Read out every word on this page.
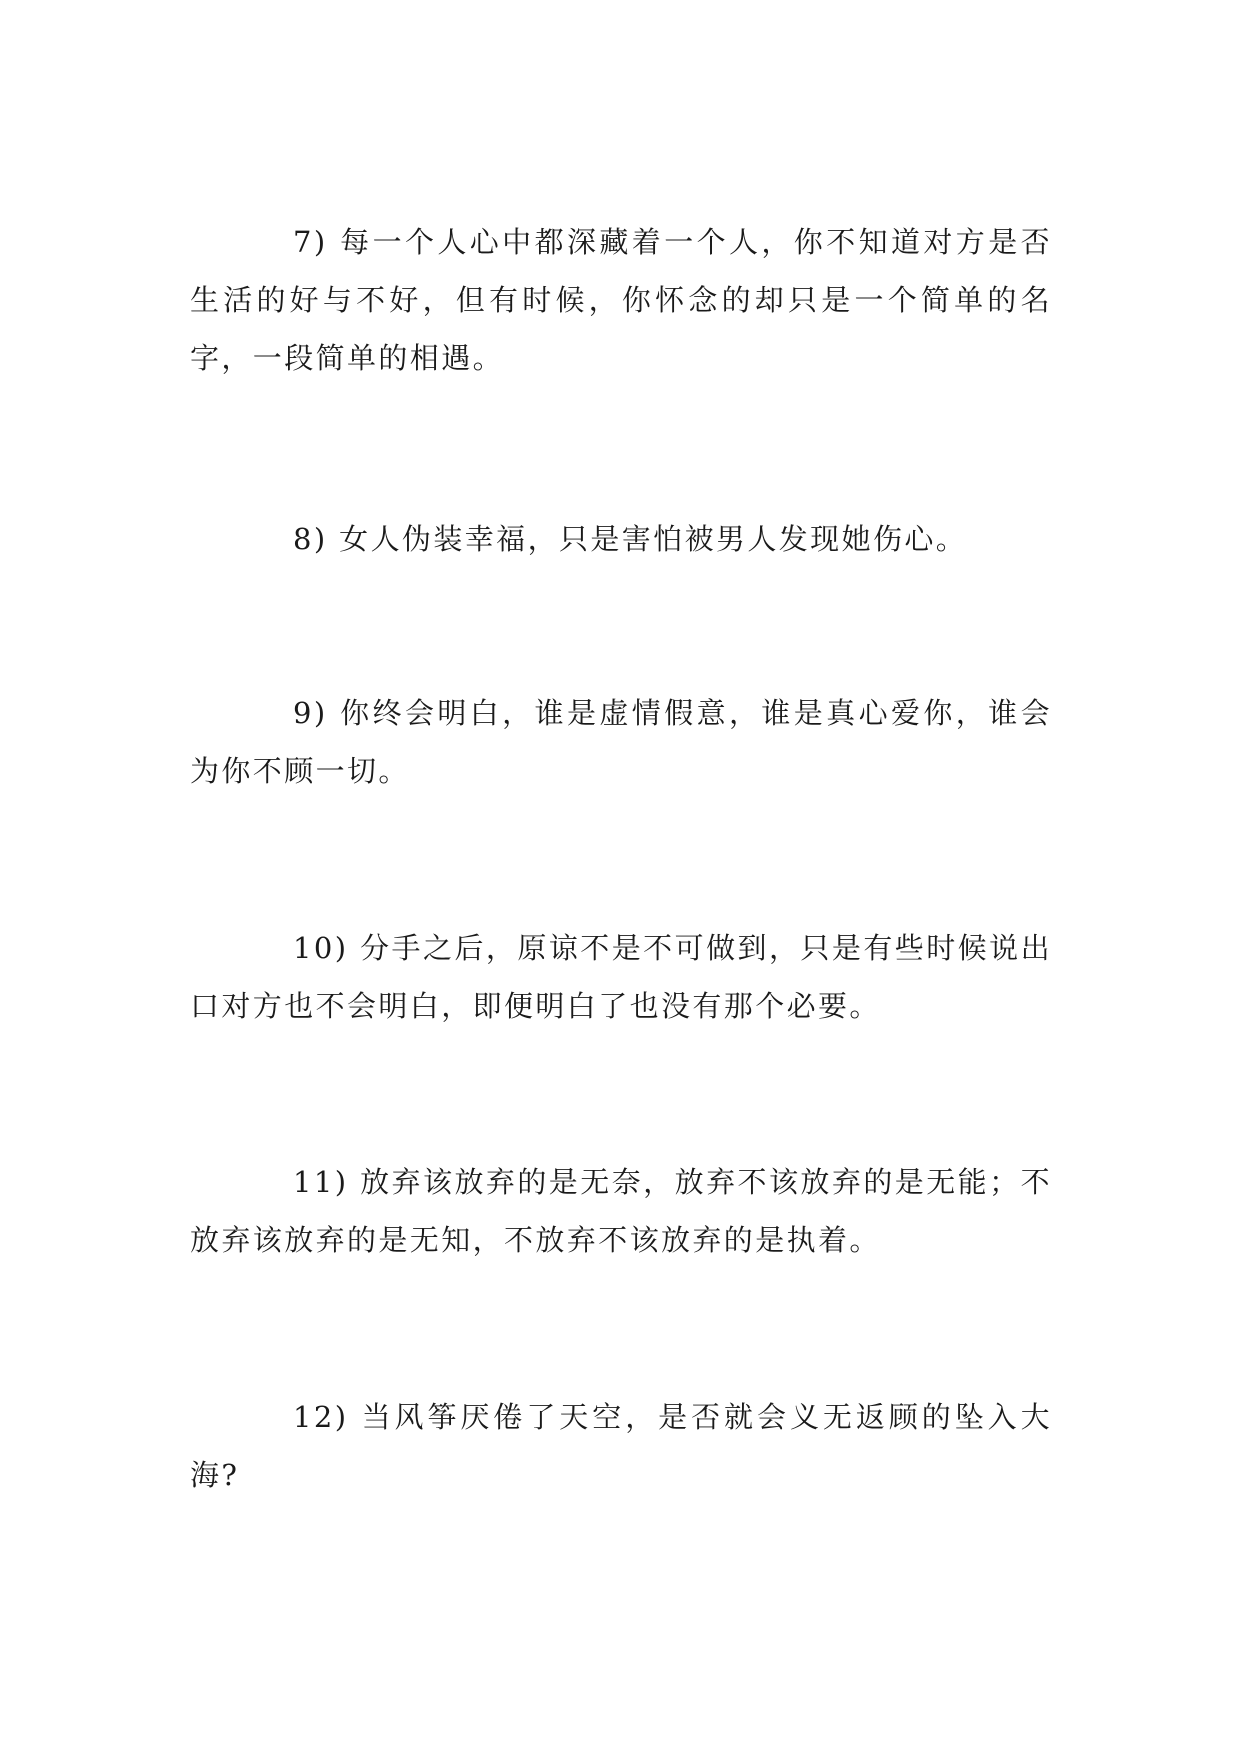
7) 每一个人心中都深藏着一个人，你不知道对方是否生活的好与不好，但有时候，你怀念的却只是一个简单的名字，一段简单的相遇。

8) 女人伪装幸福，只是害怕被男人发现她伤心。

9) 你终会明白，谁是虚情假意，谁是真心爱你，谁会为你不顾一切。

10) 分手之后，原谅不是不可做到，只是有些时候说出口对方也不会明白，即便明白了也没有那个必要。

11) 放弃该放弃的是无奈，放弃不该放弃的是无能；不放弃该放弃的是无知，不放弃不该放弃的是执着。

12) 当风筝厌倦了天空，是否就会义无返顾的坠入大海?
